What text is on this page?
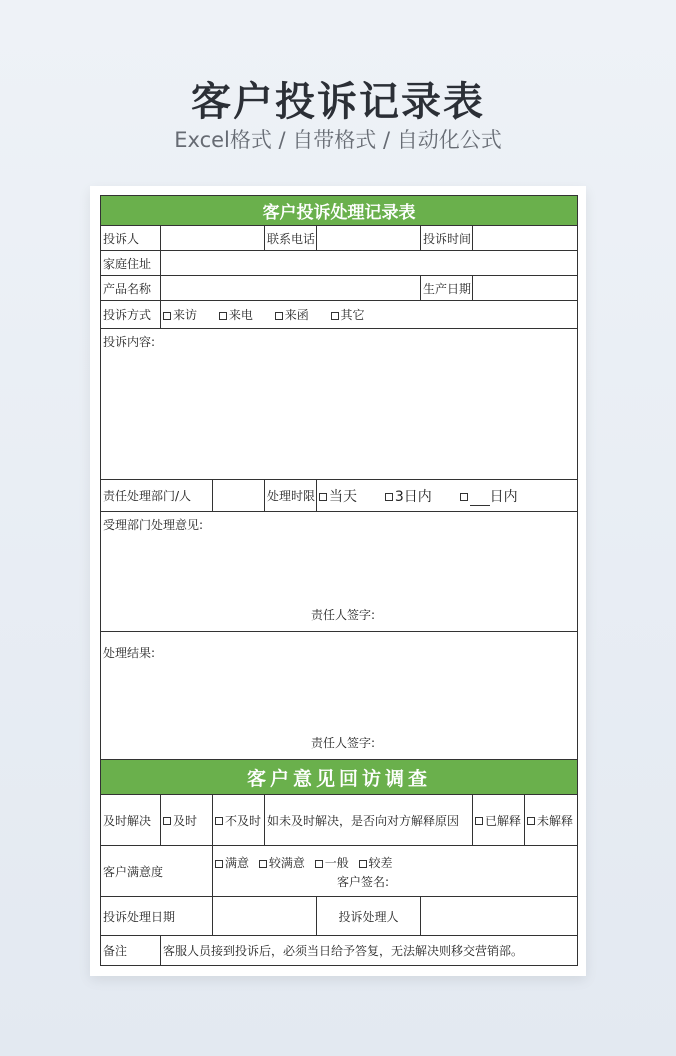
客户投诉记录表
Excel格式 / 自带格式 / 自动化公式
客户投诉处理记录表							
投诉人			联系电话		投诉时间		
家庭住址							
产品名称					生产日期		
投诉方式	来访 来电 来函 其它						
投诉内容:							
责任处理部门/人			处理时限	当天 3日内 日内			
受理部门处理意见:
责任人签字:							

处理结果:
责任人签字:							

客户意见回访调查							
及时解决	及时	不及时	如未及时解决，是否向对方解释原因			已解释	未解释
客户满意度		满意 较满意 一般 较差
客户签名:					

投诉处理日期				投诉处理人			
备注	客服人员接到投诉后，必须当日给予答复，无法解决则移交营销部。						
